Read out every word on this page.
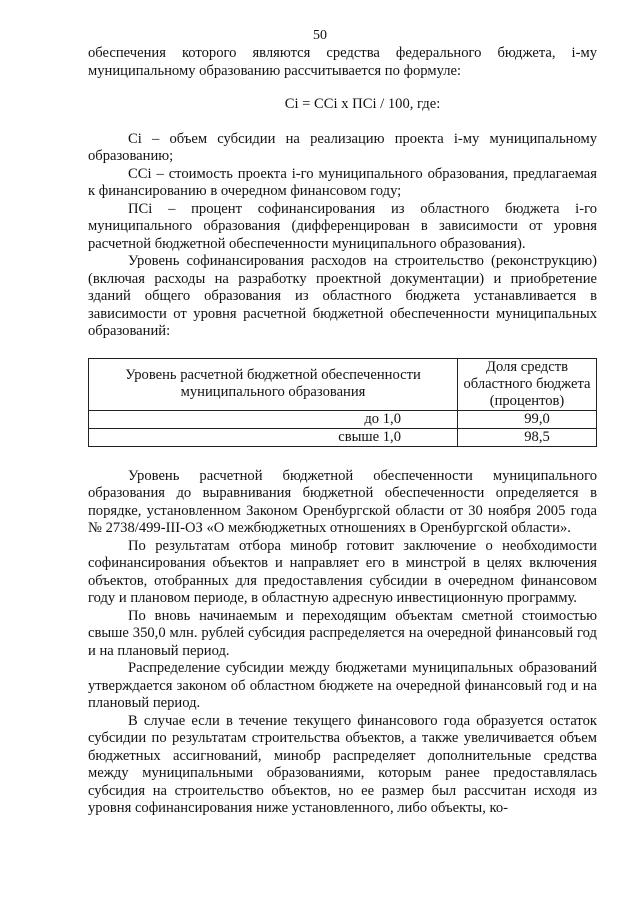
50

обеспечения которого являются средства федерального бюджета, i-му муниципальному образованию рассчитывается по формуле:

Ci = CCi x ПCi / 100, где:

Ci – объем субсидии на реализацию проекта i-му муниципальному образованию;

CCi – стоимость проекта i-го муниципального образования, предлагаемая к финансированию в очередном финансовом году;

ПCi – процент софинансирования из областного бюджета i-го муниципального образования (дифференцирован в зависимости от уровня расчетной бюджетной обеспеченности муниципального образования).

Уровень софинансирования расходов на строительство (реконструкцию) (включая расходы на разработку проектной документации) и приобретение зданий общего образования из областного бюджета устанавливается в зависимости от уровня расчетной бюджетной обеспеченности муниципальных образований:

Уровень расчетной бюджетной обеспеченности муниципального образования	Доля средств областного бюджета (процентов)
до 1,0	99,0
свыше 1,0	98,5

Уровень расчетной бюджетной обеспеченности муниципального образования до выравнивания бюджетной обеспеченности определяется в порядке, установленном Законом Оренбургской области от 30 ноября 2005 года № 2738/499-III-ОЗ «О межбюджетных отношениях в Оренбургской области».

По результатам отбора минобр готовит заключение о необходимости софинансирования объектов и направляет его в минстрой в целях включения объектов, отобранных для предоставления субсидии в очередном финансовом году и плановом периоде, в областную адресную инвестиционную программу.

По вновь начинаемым и переходящим объектам сметной стоимостью свыше 350,0 млн. рублей субсидия распределяется на очередной финансовый год и на плановый период.

Распределение субсидии между бюджетами муниципальных образований утверждается законом об областном бюджете на очередной финансовый год и на плановый период.

В случае если в течение текущего финансового года образуется остаток субсидии по результатам строительства объектов, а также увеличивается объем бюджетных ассигнований, минобр распределяет дополнительные средства между муниципальными образованиями, которым ранее предоставлялась субсидия на строительство объектов, но ее размер был рассчитан исходя из уровня софинансирования ниже установленного, либо объекты, ко-
